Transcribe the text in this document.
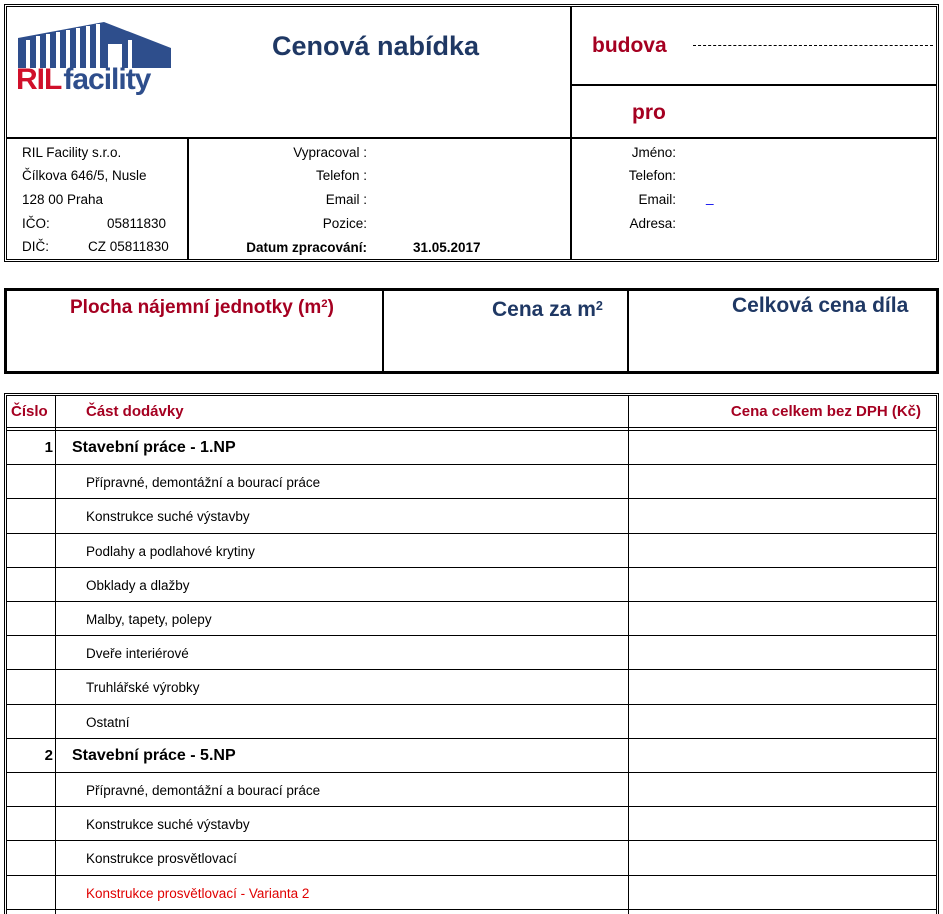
RILfacility
Cenová nabídka	budova
pro
RIL Facility s.r.o.
Čílkova 646/5, Nusle
128 00 Praha
IČO:	05811830
DIČ:	CZ 05811830
Vypracoval :
Telefon :
Email :
Pozice:
Datum zpracování:	31.05.2017
Jméno:
Telefon:
Email: _
Adresa:
Plocha nájemní jednotky $(m^2)$	Cena za $m^2$	Celková cena díla
Číslo	Část dodávky	Cena celkem bez DPH (Kč)
1 Stavební práce - 1.NP
Přípravné, demontážní a bourací práce
Konstrukce suché výstavby
Podlahy a podlahové krytiny
Obklady a dlažby
Malby, tapety, polepy
Dveře interiérové
Truhlářské výrobky
Ostatní
2 Stavební práce - 5.NP
Přípravné, demontážní a bourací práce
Konstrukce suché výstavby
Konstrukce prosvětlovací
Konstrukce prosvětlovací - Varianta 2
